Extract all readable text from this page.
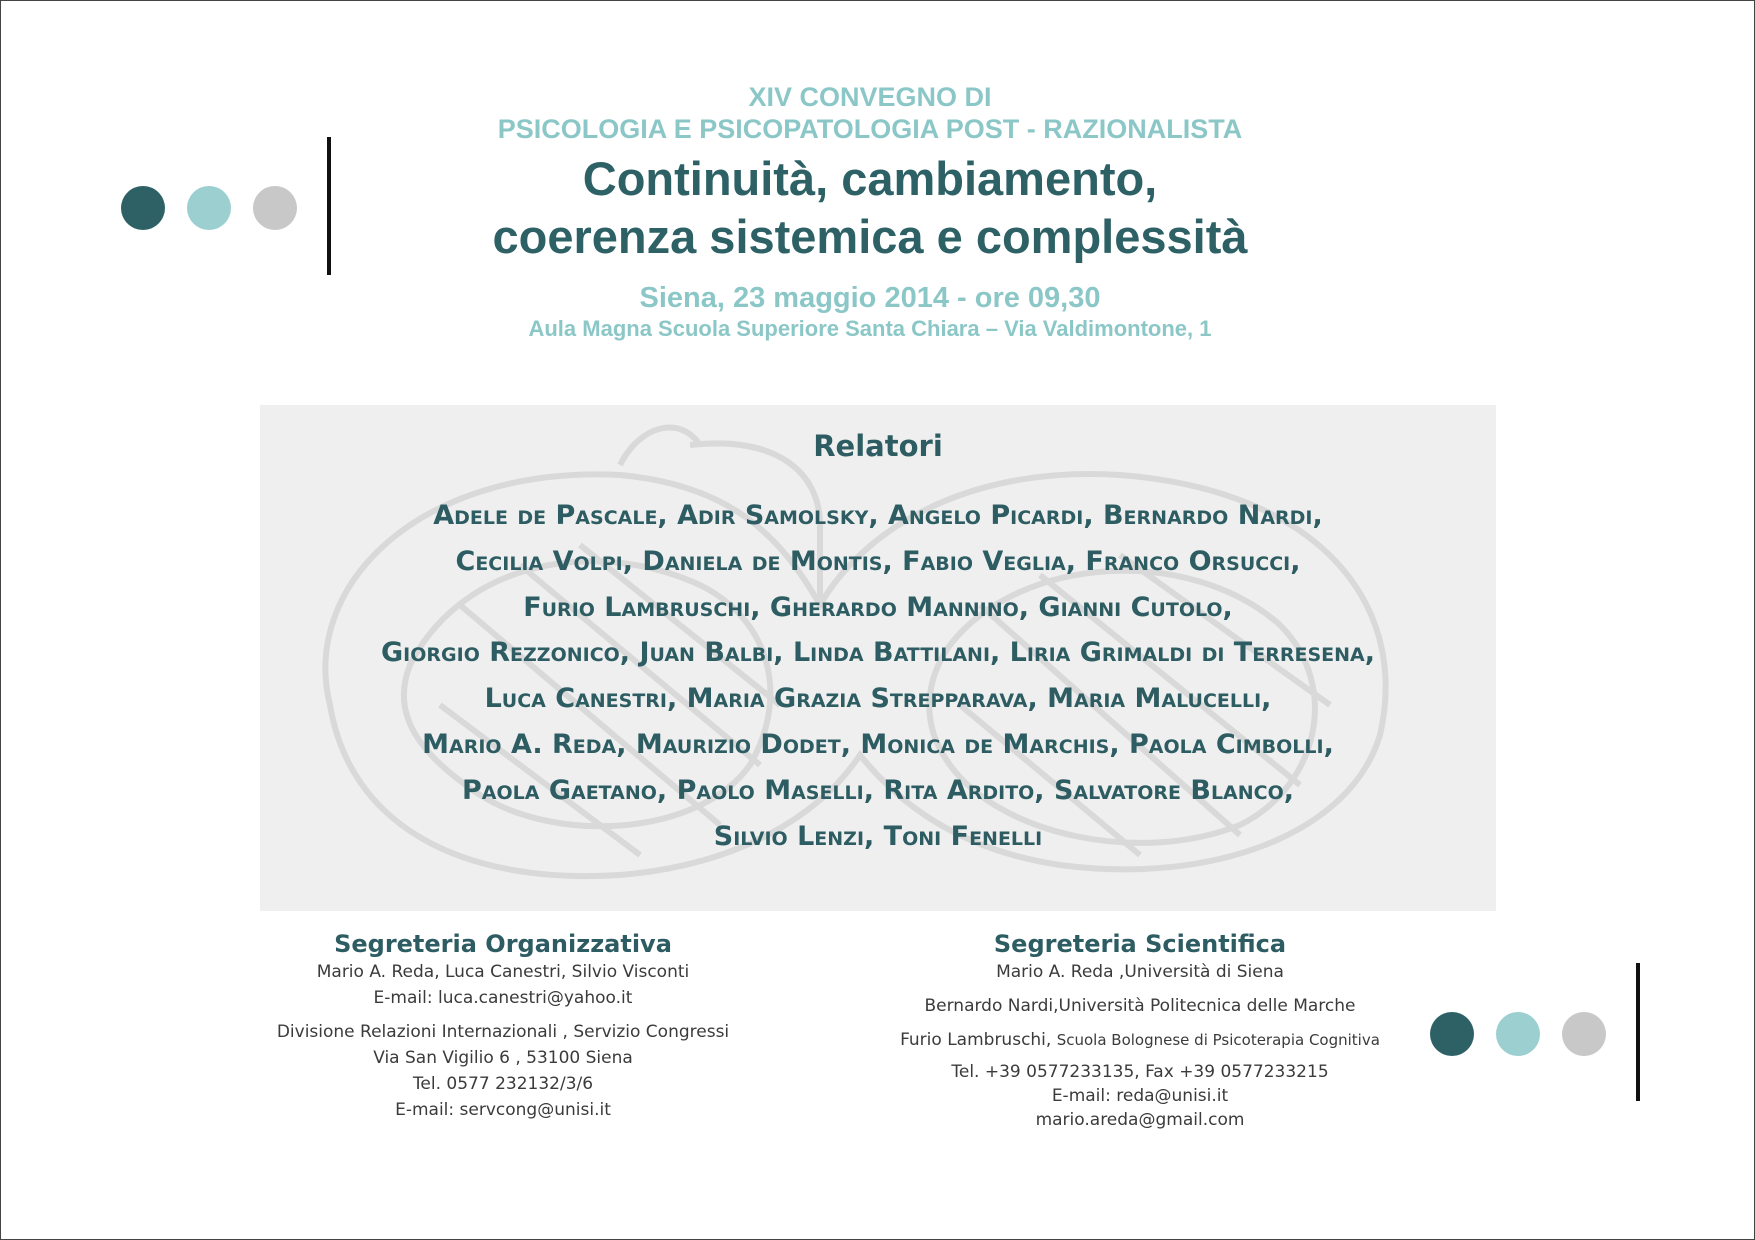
XIV CONVEGNO DI
PSICOLOGIA E PSICOPATOLOGIA POST - RAZIONALISTA
Continuità, cambiamento,
coerenza sistemica e complessità
Siena, 23 maggio 2014 - ore 09,30
Aula Magna Scuola Superiore Santa Chiara – Via Valdimontone, 1
Relatori
Adele de Pascale, Adir Samolsky, Angelo Picardi, Bernardo Nardi,
Cecilia Volpi, Daniela de Montis, Fabio Veglia, Franco Orsucci,
Furio Lambruschi, Gherardo Mannino, Gianni Cutolo,
Giorgio Rezzonico, Juan Balbi, Linda Battilani, Liria Grimaldi di Terresena,
Luca Canestri, Maria Grazia Strepparava, Maria Malucelli,
Mario A. Reda, Maurizio Dodet, Monica de Marchis, Paola Cimbolli,
Paola Gaetano, Paolo Maselli, Rita Ardito, Salvatore Blanco,
Silvio Lenzi, Toni Fenelli
Segreteria Organizzativa
Mario A. Reda, Luca Canestri, Silvio Visconti
E-mail: luca.canestri@yahoo.it
Divisione Relazioni Internazionali , Servizio Congressi
Via San Vigilio 6 , 53100 Siena
Tel. 0577 232132/3/6
E-mail: servcong@unisi.it
Segreteria Scientifica
Mario A. Reda ,Università di Siena
Bernardo Nardi,Università Politecnica delle Marche
Furio Lambruschi, Scuola Bolognese di Psicoterapia Cognitiva
Tel. +39 0577233135, Fax +39 0577233215
E-mail: reda@unisi.it
mario.areda@gmail.com
